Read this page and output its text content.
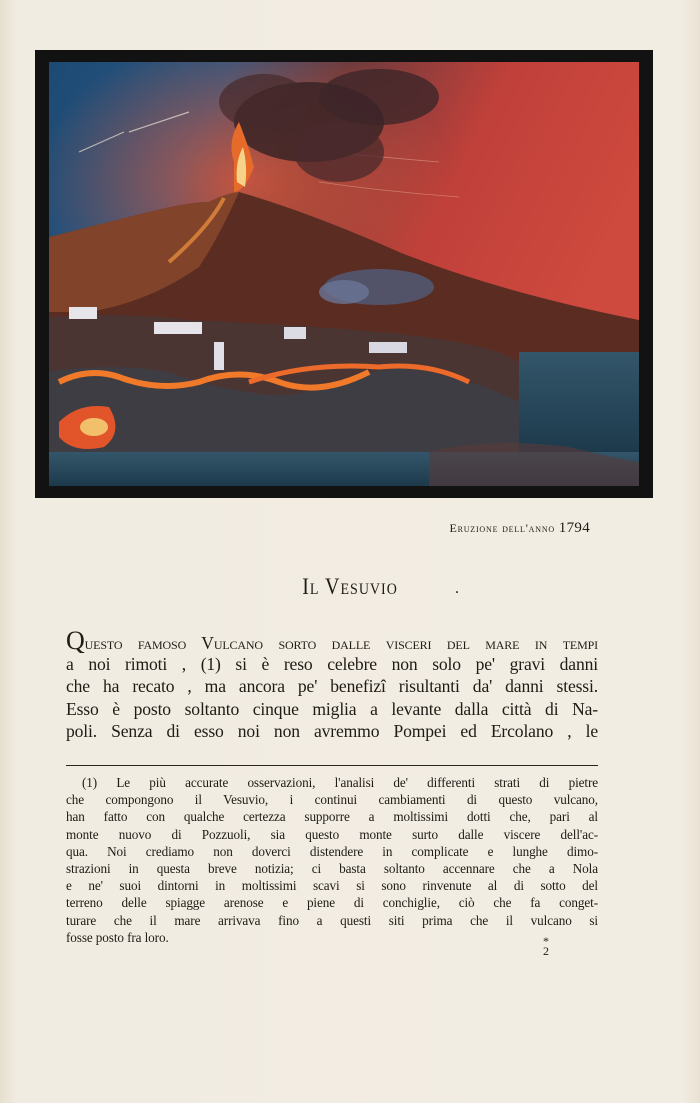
Eruzione dell'anno 1794
Il Vesuvio	.
Questo famoso Vulcano sorto dalle visceri del mare in tempi
a noi rimoti , (1) si è reso celebre non solo pe' gravi danni
che ha recato , ma ancora pe' benefizî risultanti da' danni stessi.
Esso è posto soltanto cinque miglia a levante dalla città di Na-
poli. Senza di esso noi non avremmo Pompei ed Ercolano , le
(1) Le più accurate osservazioni, l'analisi de' differenti strati di pietre
che compongono il Vesuvio, i continui cambiamenti di questo vulcano,
han fatto con qualche certezza supporre a moltissimi dotti che, pari al
monte nuovo di Pozzuoli, sia questo monte surto dalle viscere dell'ac-
qua. Noi crediamo non doverci distendere in complicate e lunghe dimo-
strazioni in questa breve notizia; ci basta soltanto accennare che a Nola
e ne' suoi dintorni in moltissimi scavi si sono rinvenute al di sotto del
terreno delle spiagge arenose e piene di conchiglie, ciò che fa conget-
turare che il mare arrivava fino a questi siti prima che il vulcano si
fosse posto fra loro.	*
2
